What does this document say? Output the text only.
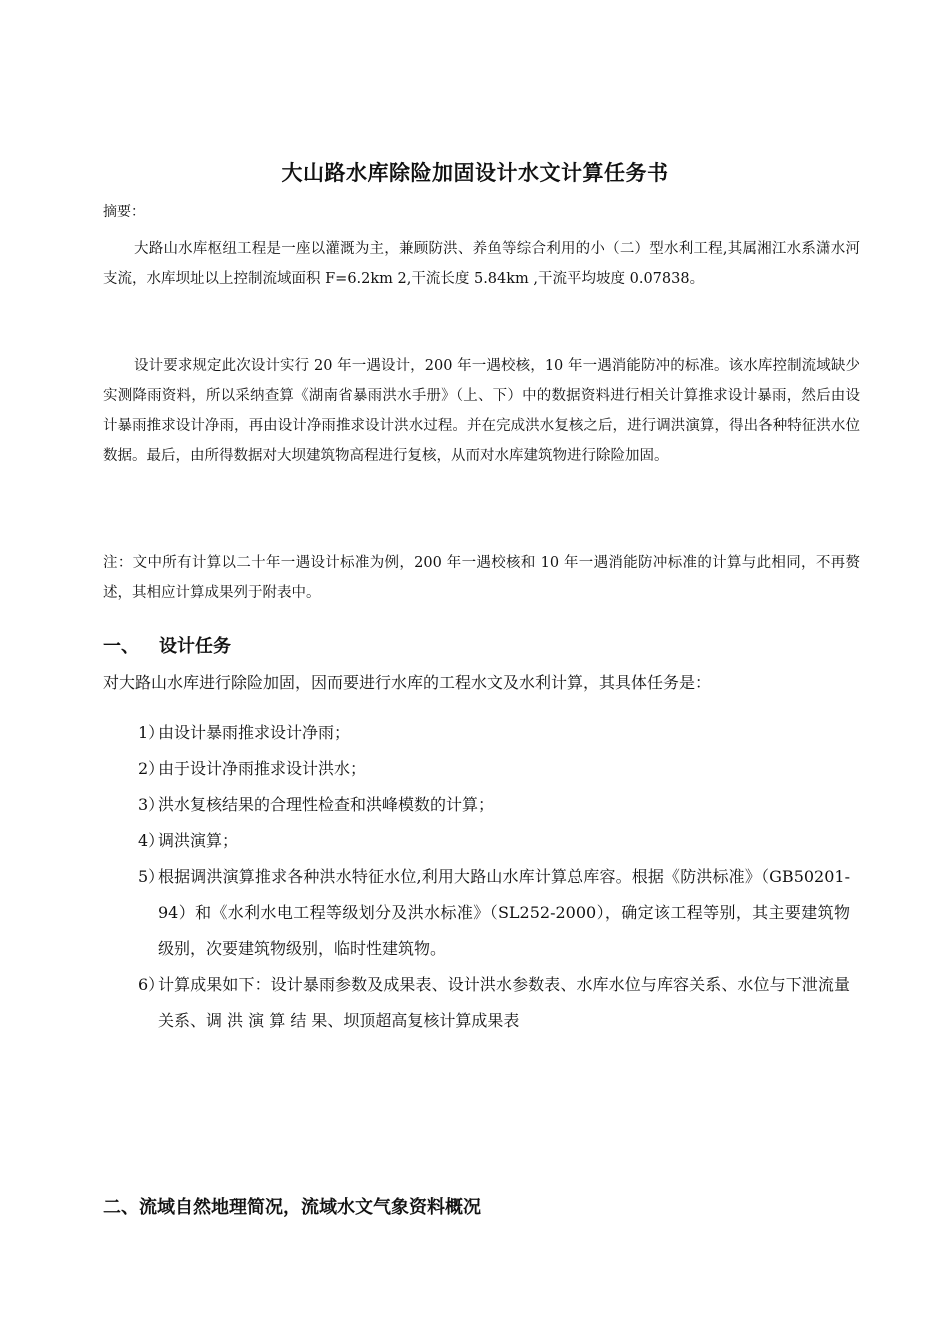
大山路水库除险加固设计水文计算任务书
摘要：
大路山水库枢纽工程是一座以灌溉为主，兼顾防洪、养鱼等综合利用的小（二）型水利工程,其属湘江水系潇水河支流，水库坝址以上控制流域面积 F=6.2km 2,干流长度 5.84km ,干流平均坡度 0.07838。
设计要求规定此次设计实行 20 年一遇设计，200 年一遇校核，10 年一遇消能防冲的标准。该水库控制流域缺少实测降雨资料，所以采纳查算《湖南省暴雨洪水手册》（上、下）中的数据资料进行相关计算推求设计暴雨，然后由设计暴雨推求设计净雨，再由设计净雨推求设计洪水过程。并在完成洪水复核之后，进行调洪演算，得出各种特征洪水位数据。最后，由所得数据对大坝建筑物高程进行复核，从而对水库建筑物进行除险加固。
注：文中所有计算以二十年一遇设计标准为例，200 年一遇校核和 10 年一遇消能防冲标准的计算与此相同，不再赘述，其相应计算成果列于附表中。
一、 设计任务
对大路山水库进行除险加固，因而要进行水库的工程水文及水利计算，其具体任务是：
1）
由设计暴雨推求设计净雨；
2）
由于设计净雨推求设计洪水；
3）
洪水复核结果的合理性检查和洪峰模数的计算；
4）
调洪演算；
5）
根据调洪演算推求各种洪水特征水位,利用大路山水库计算总库容。根据《防洪标准》（GB50201-94）和《水利水电工程等级划分及洪水标准》（SL252-2000），确定该工程等别，其主要建筑物级别，次要建筑物级别，临时性建筑物。
6）
计算成果如下：设计暴雨参数及成果表、设计洪水参数表、水库水位与库容关系、水位与下泄流量关系、调 洪 演 算 结 果、坝顶超高复核计算成果表
二、流域自然地理简况，流域水文气象资料概况
